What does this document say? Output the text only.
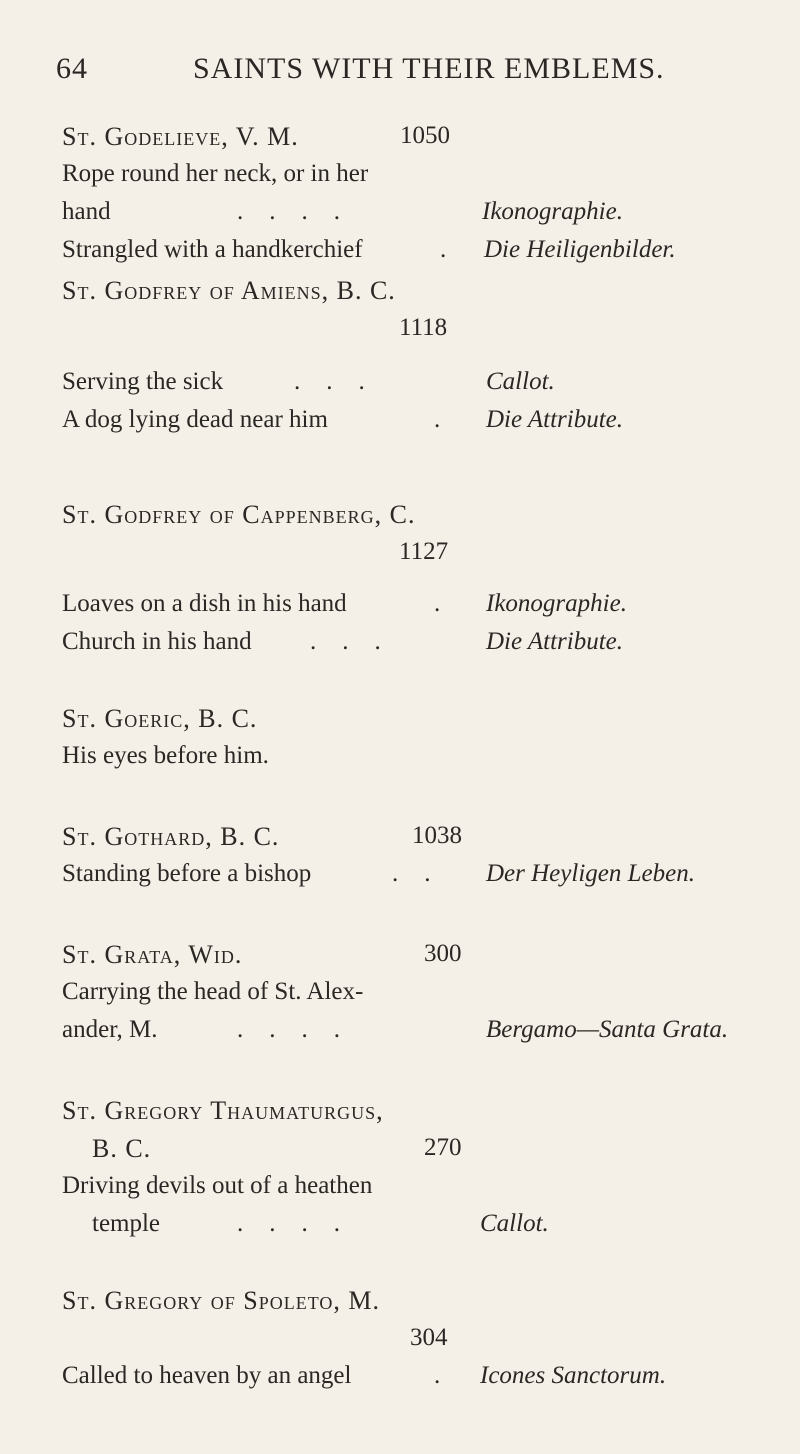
64	SAINTS WITH THEIR EMBLEMS.
St. Godelieve, V. M.	1050
Rope round her neck, or in her
hand	....	Ikonographie.
Strangled with a handkerchief	. Die Heiligenbilder.
St. Godfrey of Amiens, B. C.
1118
Serving the sick	...	Callot.
A dog lying dead near him	. Die Attribute.
St. Godfrey of Cappenberg, C.
1127
Loaves on a dish in his hand	. Ikonographie.
Church in his hand ...	Die Attribute.
St. Goeric, B. C.
His eyes before him.
St. Gothard, B. C.	1038
Standing before a bishop	.. Der Heyligen Leben.
St. Grata, Wid.	300
Carrying the head of St. Alex-
ander, M.	....	Bergamo—Santa Grata.
St. Gregory Thaumaturgus,
B. C.	270
Driving devils out of a heathen
temple	....	Callot.
St. Gregory of Spoleto, M.
304
Called to heaven by an angel	. Icones Sanctorum.
